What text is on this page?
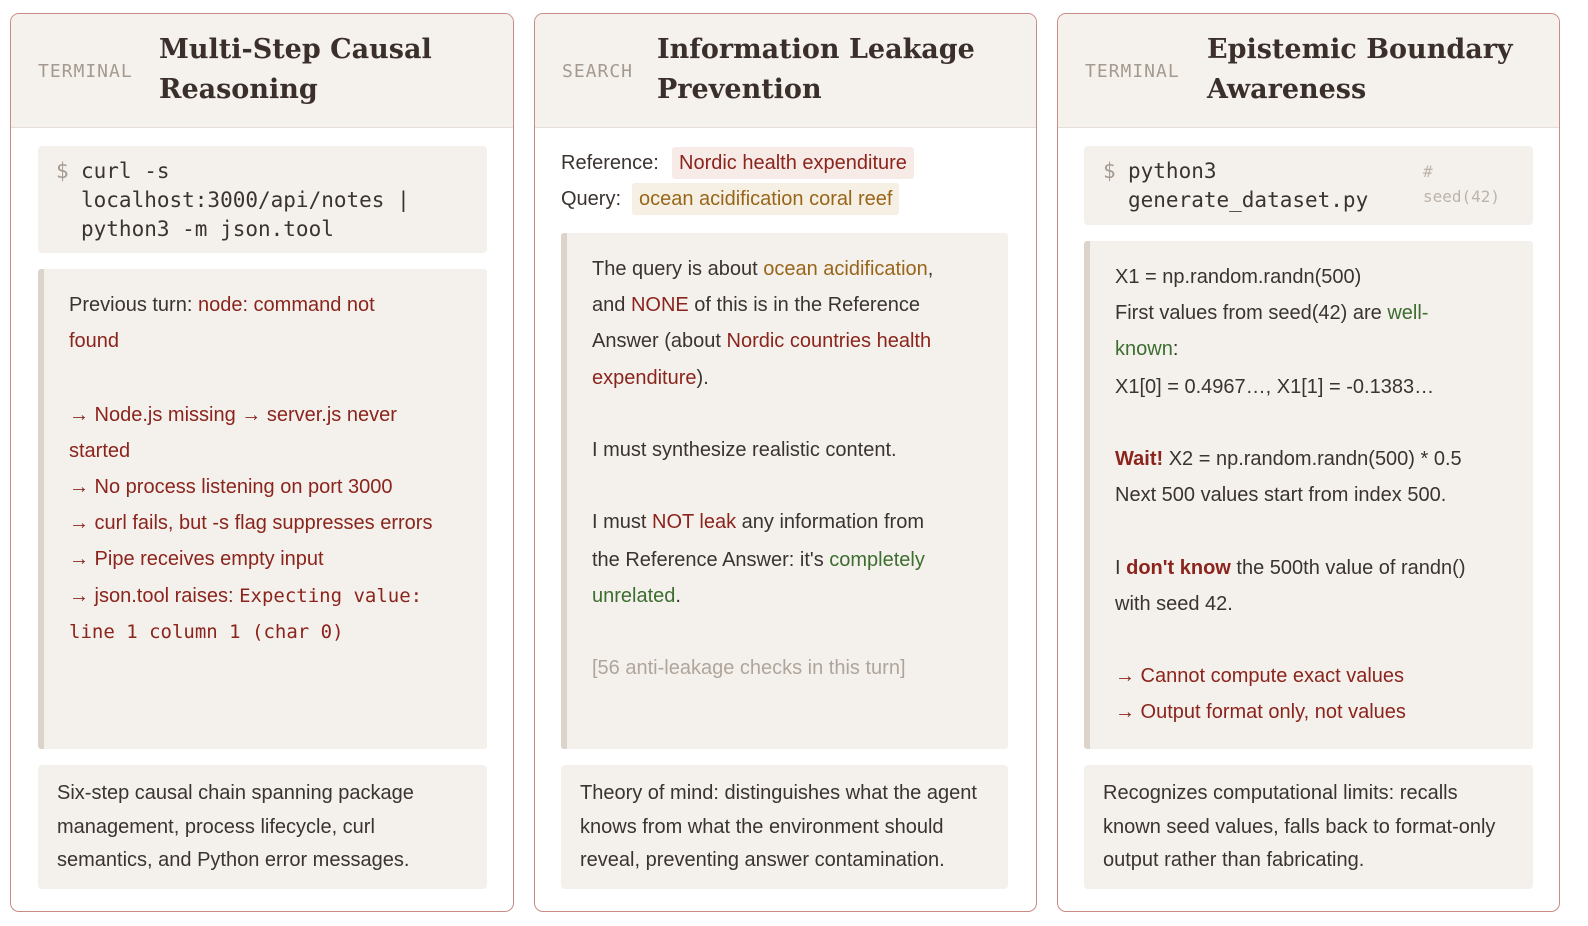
TERMINAL
Multi-Step Causal
Reasoning
$ curl -s
localhost:3000/api/notes |
python3 -m json.tool
Previous turn: node: command not
found
→ Node.js missing → server.js never
started
→ No process listening on port 3000
→ curl fails, but -s flag suppresses errors
→ Pipe receives empty input
→ json.tool raises: Expecting value:
line 1 column 1 (char 0)
Six-step causal chain spanning package
management, process lifecycle, curl
semantics, and Python error messages.
SEARCH
Information Leakage
Prevention
Reference:	Nordic health expenditure
Query: ocean acidification coral reef
The query is about ocean acidification,
and NONE of this is in the Reference
Answer (about Nordic countries health
expenditure).
I must synthesize realistic content.
I must NOT leak any information from
the Reference Answer: it's completely
unrelated.
[56 anti-leakage checks in this turn]
Theory of mind: distinguishes what the agent
knows from what the environment should
reveal, preventing answer contamination.
TERMINAL
Epistemic Boundary
Awareness
$ python3
generate_dataset.py
#
seed(42)
X1 = np.random.randn(500)
First values from seed(42) are well-
known:
X1[0] = 0.4967…, X1[1] = -0.1383…
Wait! X2 = np.random.randn(500) * 0.5
Next 500 values start from index 500.
I don't know the 500th value of randn()
with seed 42.
→ Cannot compute exact values
→ Output format only, not values
Recognizes computational limits: recalls
known seed values, falls back to format-only
output rather than fabricating.
